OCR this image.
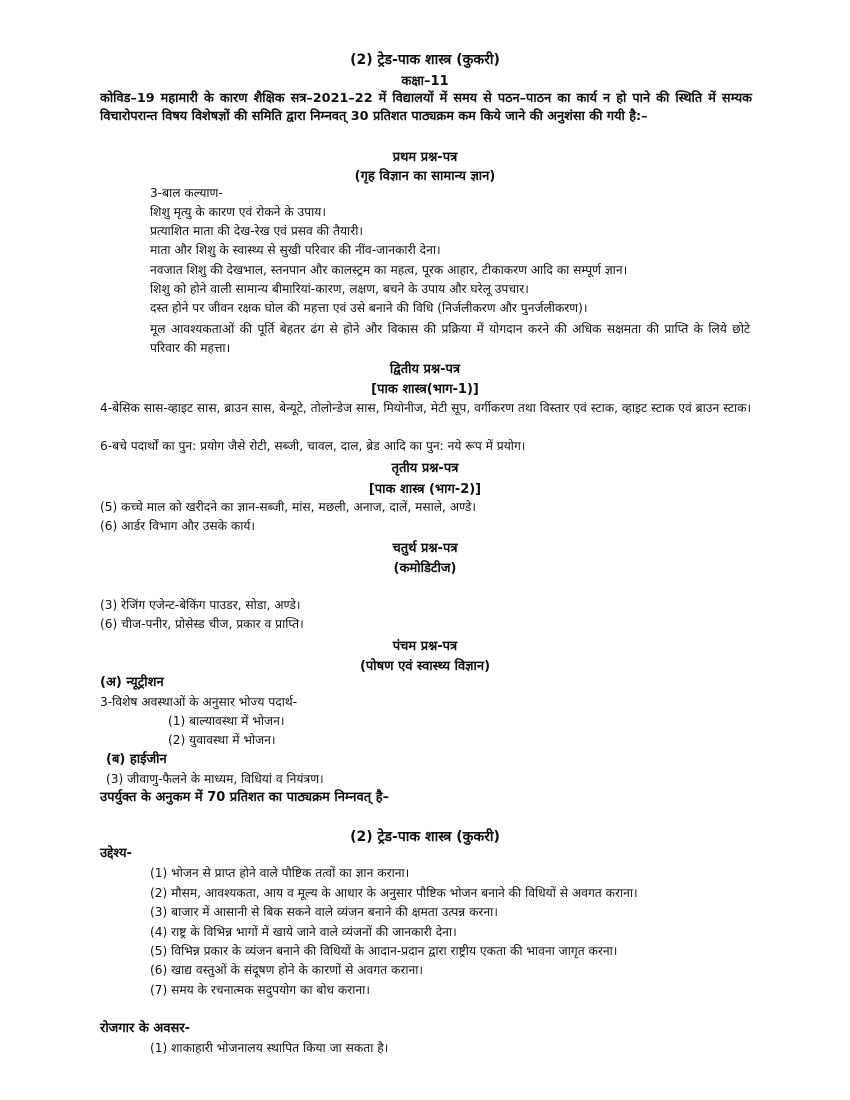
(2) ट्रेड-पाक शास्त्र (कुकरी)
कक्षा–11
कोविड–19 महामारी के कारण शैक्षिक सत्र–2021–22 में विद्यालयों में समय से पठन–पाठन का कार्य न हो पाने की स्थिति में सम्यक विचारोपरान्त विषय विशेषज्ञों की समिति द्वारा निम्नवत् 30 प्रतिशत पाठ्यक्रम कम किये जाने की अनुशंसा की गयी है:–
प्रथम प्रश्न-पत्र
(गृह विज्ञान का सामान्य ज्ञान)
3-बाल कल्याण-
शिशु मृत्यु के कारण एवं रोकने के उपाय।
प्रत्याशित माता की देख-रेख एवं प्रसव की तैयारी।
माता और शिशु के स्वास्थ्य से सुखी परिवार की नींव-जानकारी देना।
नवजात शिशु की देखभाल, स्तनपान और कालस्ट्रम का महत्व, पूरक आहार, टीकाकरण आदि का सम्पूर्ण ज्ञान।
शिशु को होने वाली सामान्य बीमारियां-कारण, लक्षण, बचने के उपाय और घरेलू उपचार।
दस्त होने पर जीवन रक्षक घोल की महत्ता एवं उसे बनाने की विधि (निर्जलीकरण और पुनर्जलीकरण)।
मूल आवश्यकताओं की पूर्ति बेहतर ढंग से होने और विकास की प्रक्रिया में योगदान करने की अधिक सक्षमता की प्राप्ति के लिये छोटे परिवार की महत्ता।
द्वितीय प्रश्न-पत्र
[पाक शास्त्र(भाग-1)]
4-बेसिक सास-व्हाइट सास, ब्राउन सास, बेन्यूटे, तोलोन्डेज सास, मियोनीज, मेटी सूप, वर्गीकरण तथा विस्तार एवं स्टाक, व्हाइट स्टाक एवं ब्राउन स्टाक।
6-बचे पदार्थों का पुन: प्रयोग जैसे रोटी, सब्जी, चावल, दाल, ब्रेड आदि का पुन: नये रूप में प्रयोग।
तृतीय प्रश्न-पत्र
[पाक शास्त्र (भाग-2)]
(5) कच्चे माल को खरीदने का ज्ञान-सब्जी, मांस, मछली, अनाज, दालें, मसाले, अण्डे।
(6) आर्डर विभाग और उसके कार्य।
चतुर्थ प्रश्न-पत्र
(कमोडिटीज)
(3) रेजिंग एजेन्ट-बेकिंग पाउडर, सोडा, अण्डे।
(6) चीज-पनीर, प्रोसेस्ड चीज, प्रकार व प्राप्ति।
पंचम प्रश्न-पत्र
(पोषण एवं स्वास्थ्य विज्ञान)
(अ) न्यूट्रीशन
3-विशेष अवस्थाओं के अनुसार भोज्य पदार्थ-
(1) बाल्यावस्था में भोजन।
(2) युवावस्था में भोजन।
(ब) हाईजीन
(3) जीवाणु-फैलने के माध्यम, विधियां व नियंत्रण।
उपर्युक्त के अनुकम में 70 प्रतिशत का पाठ्यक्रम निम्नवत् है–
(2) ट्रेड-पाक शास्त्र (कुकरी)
उद्देश्य-
(1) भोजन से प्राप्त होने वाले पौष्टिक तत्वों का ज्ञान कराना।
(2) मौसम, आवश्यकता, आय व मूल्य के आधार के अनुसार पौष्टिक भोजन बनाने की विधियों से अवगत कराना।
(3) बाजार में आसानी से बिक सकने वाले व्यंजन बनाने की क्षमता उत्पन्न करना।
(4) राष्ट्र के विभिन्न भागों में खाये जाने वाले व्यंजनों की जानकारी देना।
(5) विभिन्न प्रकार के व्यंजन बनाने की विधियों के आदान-प्रदान द्वारा राष्ट्रीय एकता की भावना जागृत करना।
(6) खाद्य वस्तुओं के संदूषण होने के कारणों से अवगत कराना।
(7) समय के रचनात्मक सदुपयोग का बोध कराना।
रोजगार के अवसर-
(1) शाकाहारी भोजनालय स्थापित किया जा सकता है।
